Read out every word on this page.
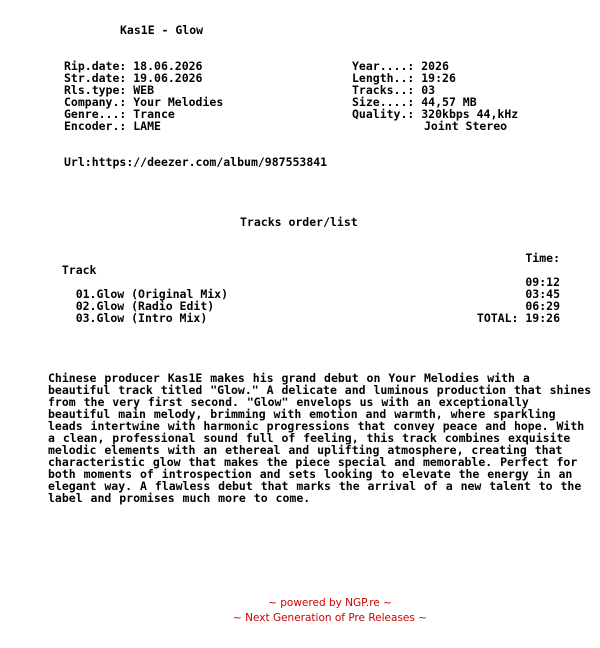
Kas1E - Glow
Rip.date: 18.06.2026
Str.date: 19.06.2026
Rls.type: WEB
Company.: Your Melodies
Genre...: Trance
Encoder.: LAME
Year....: 2026
Length..: 19:26
Tracks..: 03
Size....: 44,57 MB
Quality.: 320kbps 44,kHz
Joint Stereo
Url:https://deezer.com/album/987553841
Tracks order/list

Track

Time:

01.Glow (Original Mix)

09:12

02.Glow (Radio Edit)

03:45

03.Glow (Intro Mix)

06:29

TOTAL: 19:26

Chinese producer Kas1E makes his grand debut on Your Melodies with a beautiful track titled "Glow." A delicate and luminous production that shines from the very first second. "Glow" envelops us with an exceptionally beautiful main melody, brimming with emotion and warmth, where sparkling leads intertwine with harmonic progressions that convey peace and hope. With a clean, professional sound full of feeling, this track combines exquisite melodic elements with an ethereal and uplifting atmosphere, creating that characteristic glow that makes the piece special and memorable. Perfect for both moments of introspection and sets looking to elevate the energy in an elegant way. A flawless debut that marks the arrival of a new talent to the label and promises much more to come.
~ powered by NGP.re ~
~ Next Generation of Pre Releases ~
